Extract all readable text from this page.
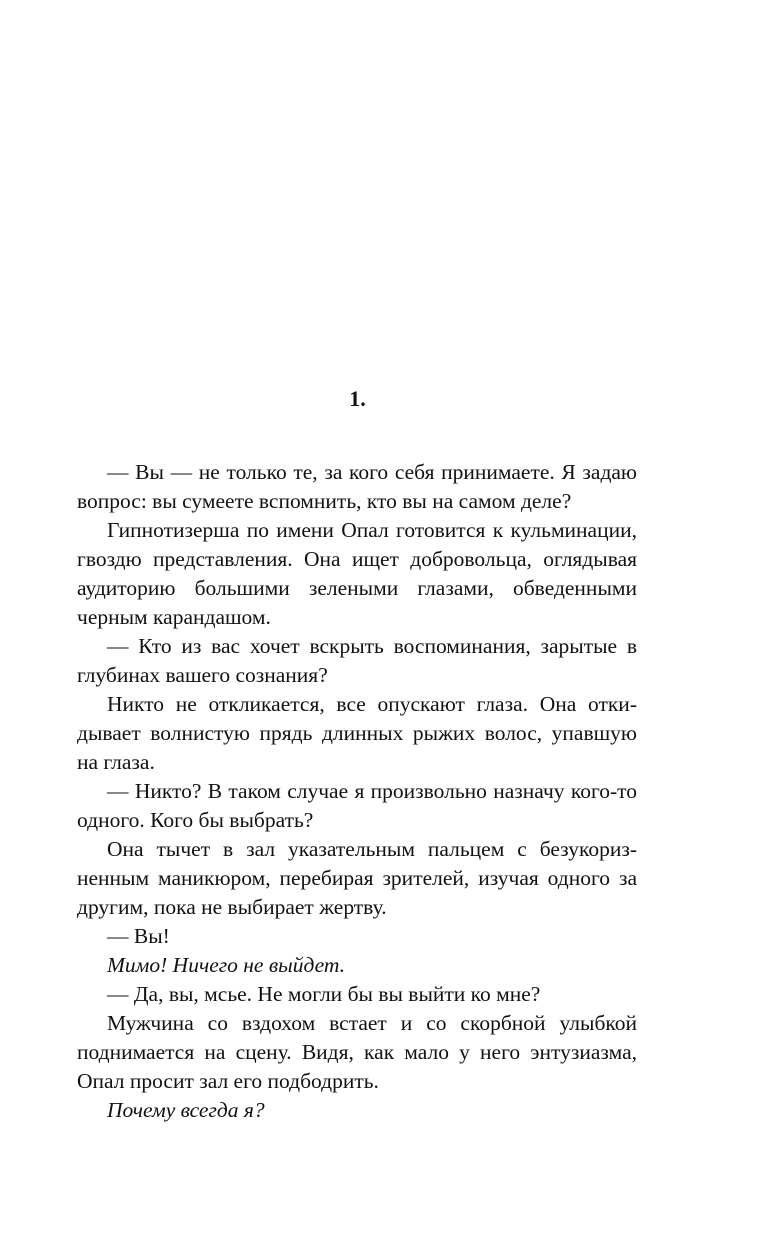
1.

— Вы — не только те, за кого себя принимаете. Я задаю вопрос: вы сумеете вспомнить, кто вы на самом деле?

Гипнотизерша по имени Опал готовится к кульминации, гвоздю представления. Она ищет добровольца, оглядывая аудиторию большими зелеными глазами, обведенными черным карандашом.

— Кто из вас хочет вскрыть воспоминания, зарытые в глубинах вашего сознания?

Никто не откликается, все опускают глаза. Она откидывает волнистую прядь длинных рыжих волос, упавшую на глаза.

— Никто? В таком случае я произвольно назначу кого-то одного. Кого бы выбрать?

Она тычет в зал указательным пальцем с безукоризненным маникюром, перебирая зрителей, изучая одного за другим, пока не выбирает жертву.

— Вы!

Мимо! Ничего не выйдет.

— Да, вы, мсье. Не могли бы вы выйти ко мне?

Мужчина со вздохом встает и со скорбной улыбкой поднимается на сцену. Видя, как мало у него энтузиазма, Опал просит зал его подбодрить.

Почему всегда я?
